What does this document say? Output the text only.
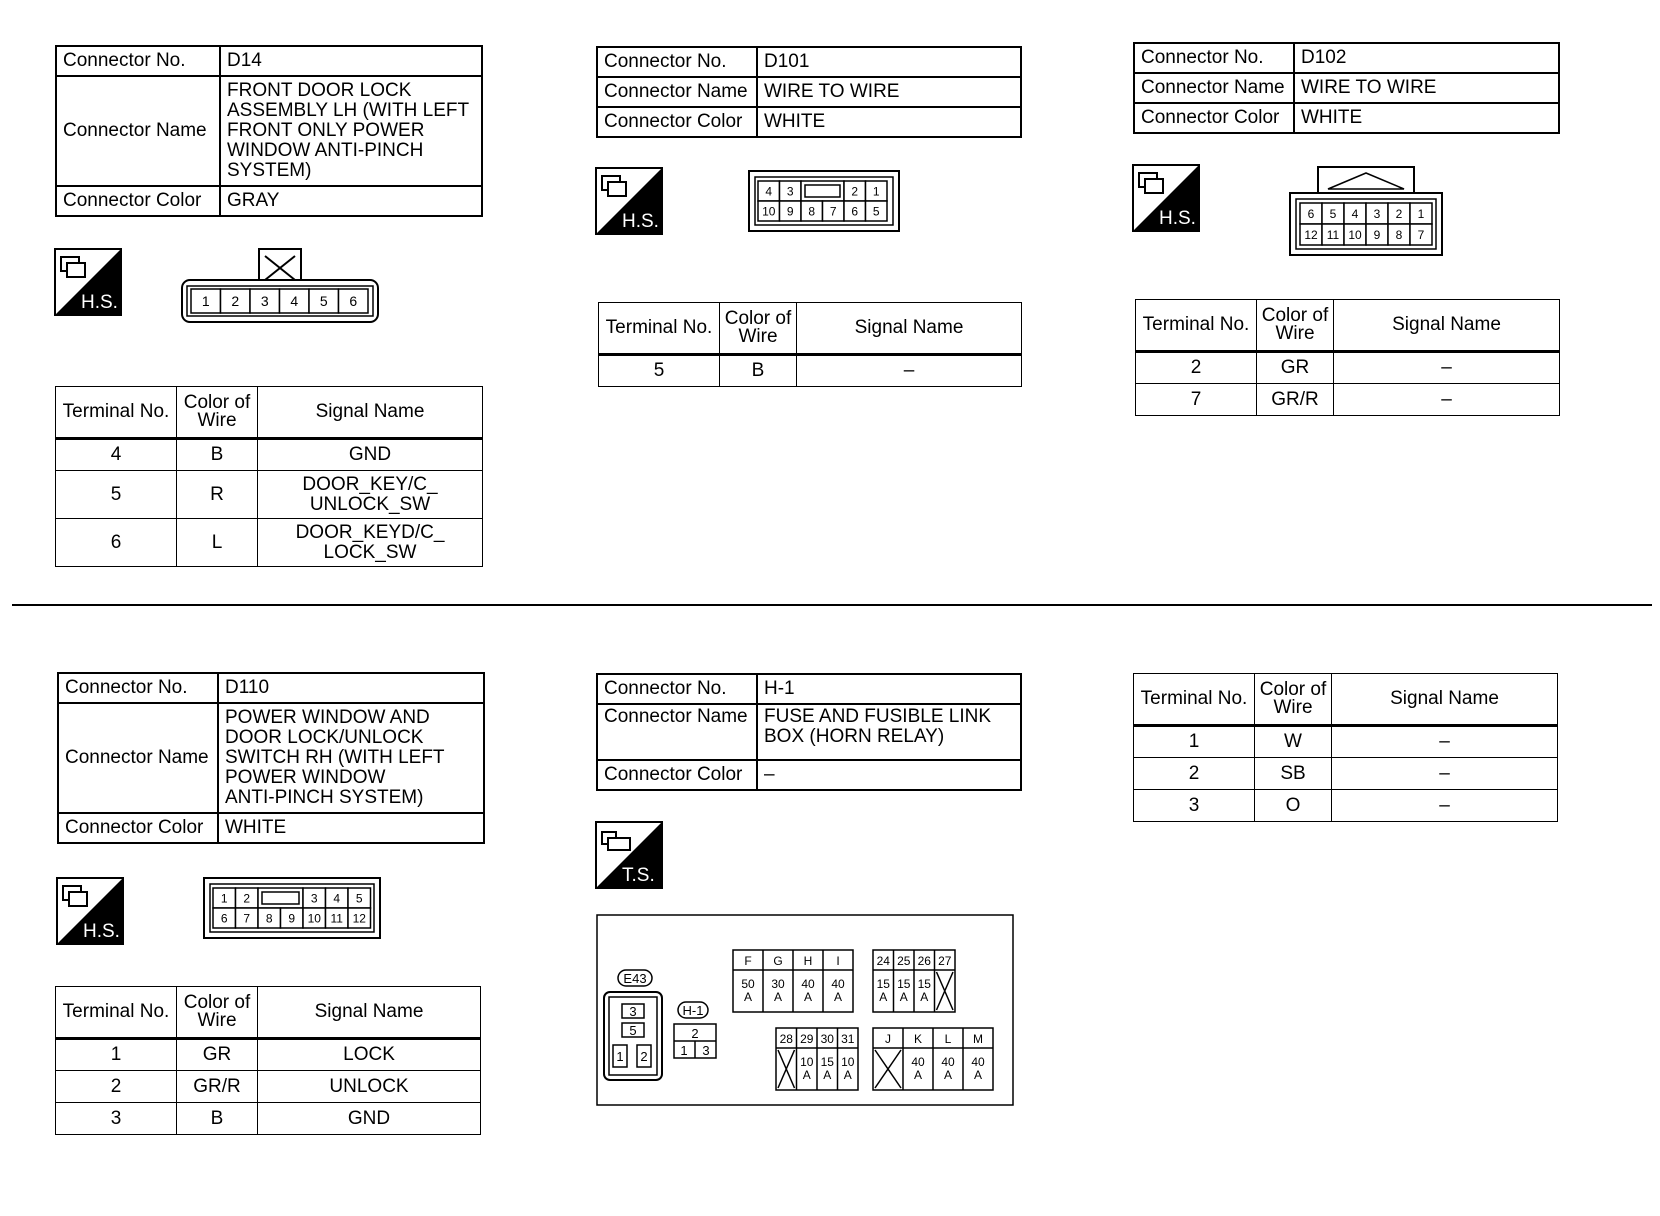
Connector No.	D14
Connector Name	FRONT DOOR LOCK
ASSEMBLY LH (WITH LEFT
FRONT ONLY POWER
WINDOW ANTI-PINCH
SYSTEM)

Connector Color	GRAY
H.S.	1 2 3 4 5 6
Terminal No.	Color of Wire	Signal Name
4	B	GND
5	R	DOOR_KEY/C_
UNLOCK_SW

6	L	DOOR_KEYD/C_
LOCK_SW
Connector No.	D101
Connector Name	WIRE TO WIRE
Connector Color	WHITE
H.S.
4 3	2 1
10 9 8 7 6 5
Terminal No.	Color of Wire	Signal Name
5	B	–
Connector No.	D102
Connector Name	WIRE TO WIRE
Connector Color	WHITE
H.S.	6 5 4 3 2 1
12 11 10 9 8 7
Terminal No.	Color of Wire	Signal Name
2	GR	–
7	GR/R	–
Connector No.	D110
Connector Name	POWER WINDOW AND
DOOR LOCK/UNLOCK
SWITCH RH (WITH LEFT
POWER WINDOW
ANTI-PINCH SYSTEM)

Connector Color	WHITE
H.S.
1 2	3 4 5
6 7 8 9 10 11 12
Terminal No.	Color of Wire	Signal Name
1	GR	LOCK
2	GR/R	UNLOCK
3	B	GND
Connector No.	H-1
Connector Name	FUSE AND FUSIBLE LINK
BOX (HORN RELAY)

Connector Color	–
T.S.
E43
3
5
1 2
H-1
2
1 3
F
50
A
G
30
A
H
40
A
I
40
A
24
15
A
25
15
A
26
15
A
27
28 29
10
A
30
15
A
31
10
A
J K
40
A
L
40
A
M
40
A
Terminal No.	Color of Wire	Signal Name
1	W	–
2	SB	–
3	O	–
